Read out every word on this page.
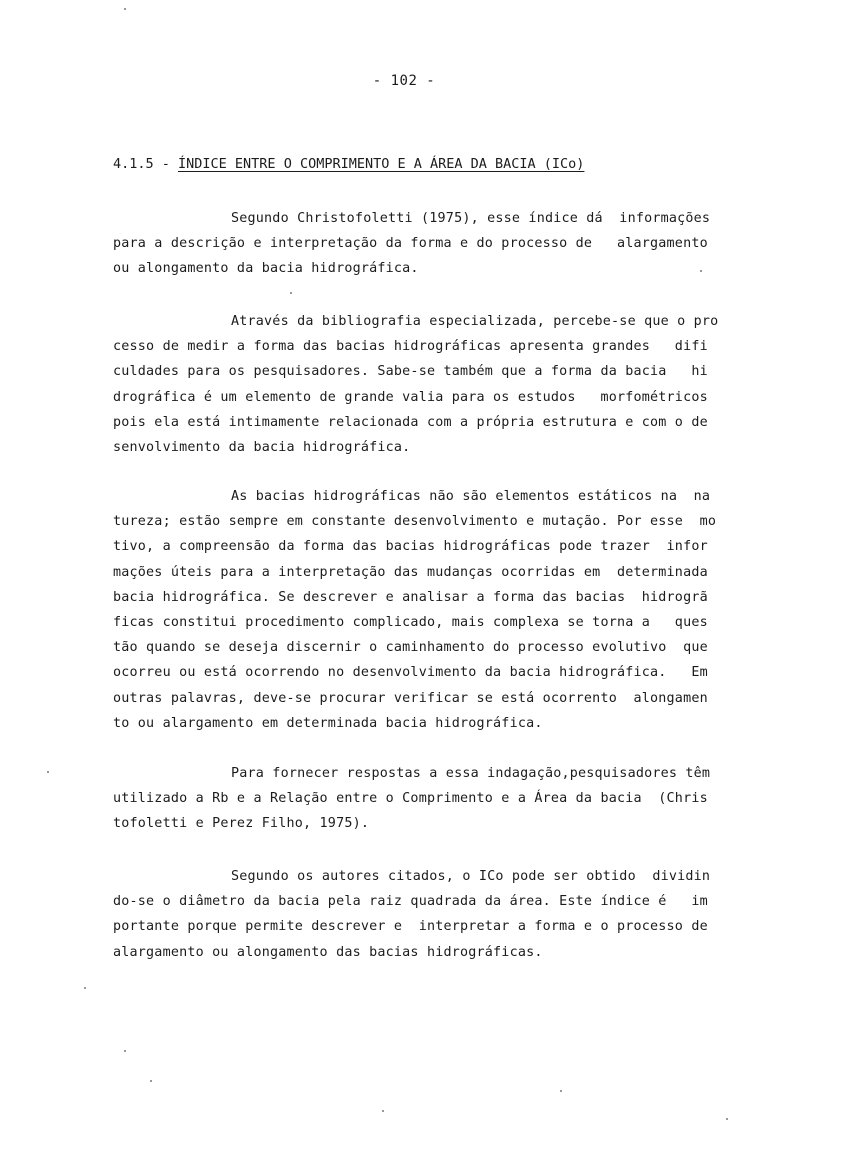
- 102 -
4.1.5 - ÍNDICE ENTRE O COMPRIMENTO E A ÁREA DA BACIA (ICo)
Segundo Christofoletti (1975), esse índice dá  informações
para a descrição e interpretação da forma e do processo de   alargamento
ou alongamento da bacia hidrográfica.
Através da bibliografia especializada, percebe-se que o pro
cesso de medir a forma das bacias hidrográficas apresenta grandes   difi
culdades para os pesquisadores. Sabe-se também que a forma da bacia   hi
drográfica é um elemento de grande valia para os estudos   morfométricos
pois ela está intimamente relacionada com a própria estrutura e com o de
senvolvimento da bacia hidrográfica.
As bacias hidrográficas não são elementos estáticos na  na
tureza; estão sempre em constante desenvolvimento e mutação. Por esse  mo
tivo, a compreensão da forma das bacias hidrográficas pode trazer  infor
mações úteis para a interpretação das mudanças ocorridas em  determinada
bacia hidrográfica. Se descrever e analisar a forma das bacias  hidrogrã
ficas constitui procedimento complicado, mais complexa se torna a   ques
tão quando se deseja discernir o caminhamento do processo evolutivo  que
ocorreu ou está ocorrendo no desenvolvimento da bacia hidrográfica.   Em
outras palavras, deve-se procurar verificar se está ocorrento  alongamen
to ou alargamento em determinada bacia hidrográfica.
Para fornecer respostas a essa indagação,pesquisadores têm
utilizado a Rb e a Relação entre o Comprimento e a Área da bacia  (Chris
tofoletti e Perez Filho, 1975).
Segundo os autores citados, o ICo pode ser obtido  dividin
do-se o diâmetro da bacia pela raiz quadrada da área. Este índice é   im
portante porque permite descrever e  interpretar a forma e o processo de
alargamento ou alongamento das bacias hidrográficas.
